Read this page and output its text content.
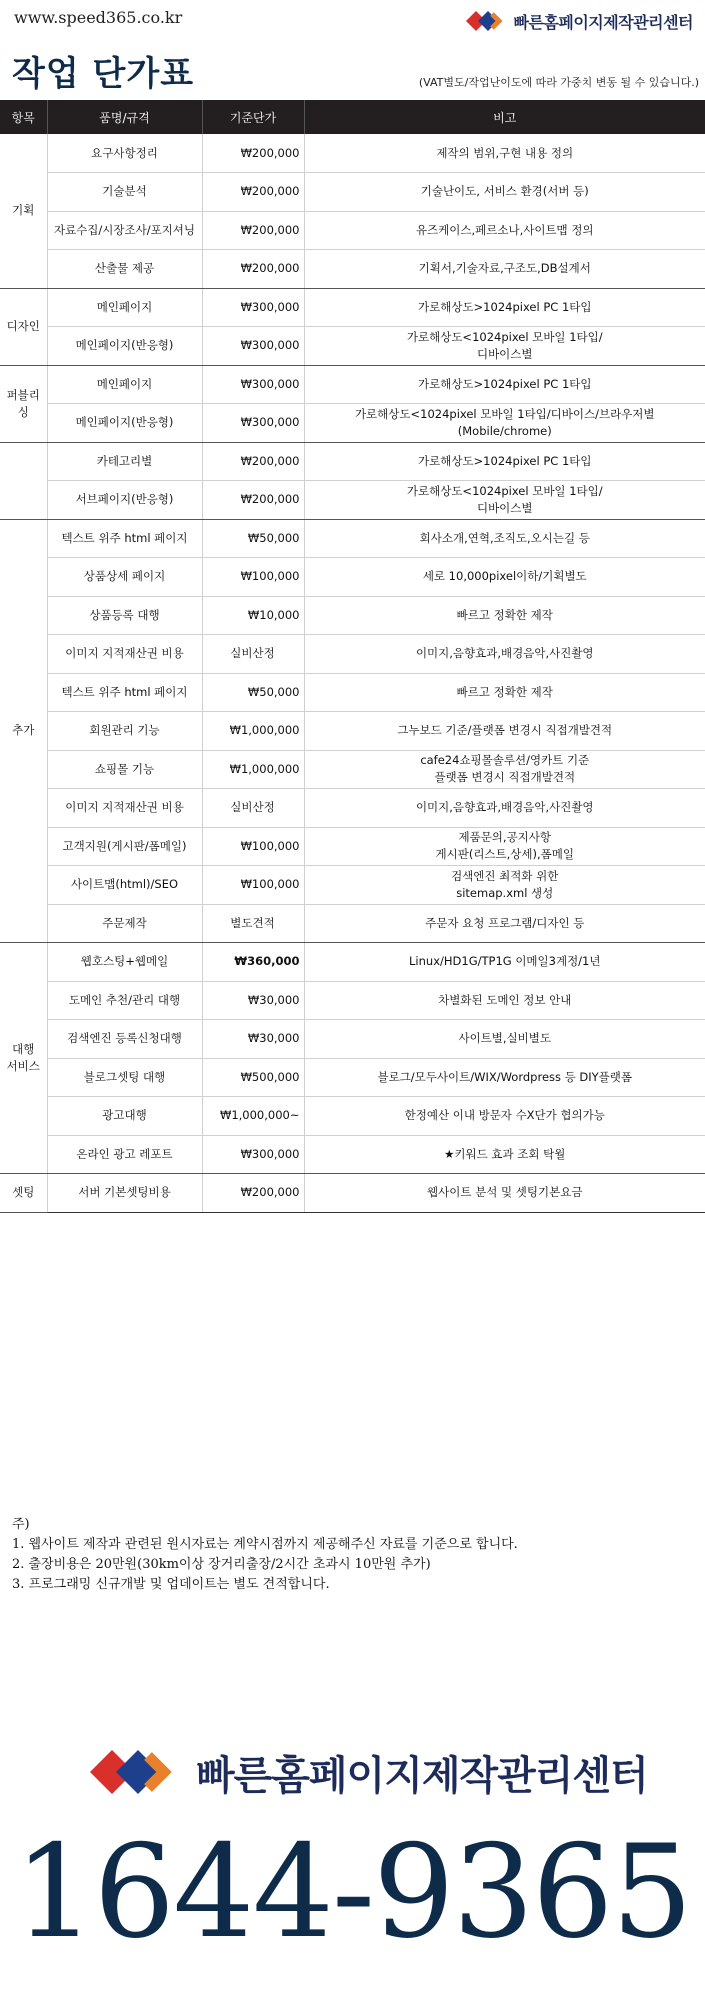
www.speed365.co.kr	빠른홈페이지제작관리센터
작업 단가표	(VAT별도/작업난이도에 따라 가중치 변동 될 수 있습니다.)
항목	품명/규격	기준단가	비고
기획	요구사항정리	₩200,000	제작의 범위,구현 내용 정의

	기술분석	₩200,000	기술난이도, 서비스 환경(서버 등)

	자료수집/시장조사/포지셔닝	₩200,000	유즈케이스,페르소나,사이트맵 정의

	산출물 제공	₩200,000	기획서,기술자료,구조도,DB설계서

디자인	메인페이지	₩300,000	가로해상도>1024pixel PC 1타입

	메인페이지(반응형)	₩300,000	가로해상도<1024pixel 모바일 1타입/
디바이스별

퍼블리싱	메인페이지	₩300,000	가로해상도>1024pixel PC 1타입

	메인페이지(반응형)	₩300,000	가로해상도<1024pixel 모바일 1타입/디바이스/브라우저별
(Mobile/chrome)

	카테고리별	₩200,000	가로해상도>1024pixel PC 1타입

	서브페이지(반응형)	₩200,000	가로해상도<1024pixel 모바일 1타입/
디바이스별

추가	텍스트 위주 html 페이지	₩50,000	회사소개,연혁,조직도,오시는길 등

	상품상세 페이지	₩100,000	세로 10,000pixel이하/기획별도

	상품등록 대행	₩10,000	빠르고 정확한 제작

	이미지 지적재산권 비용	실비산정	이미지,음향효과,배경음악,사진촬영

	텍스트 위주 html 페이지	₩50,000	빠르고 정확한 제작

	회원관리 기능	₩1,000,000	그누보드 기준/플랫폼 변경시 직접개발견적

	쇼핑몰 기능	₩1,000,000	cafe24쇼핑몰솔루션/영카트 기준
플랫폼 변경시 직접개발견적

	이미지 지적재산권 비용	실비산정	이미지,음향효과,배경음악,사진촬영

	고객지원(게시판/폼메일)	₩100,000	제품문의,공지사항
게시판(리스트,상세),폼메일

	사이트맵(html)/SEO	₩100,000	검색엔진 최적화 위한
sitemap.xml 생성

	주문제작	별도견적	주문자 요청 프로그램/디자인 등

대행
서비스	웹호스팅+웹메일	₩360,000	Linux/HD1G/TP1G 이메일3계정/1년

	도메인 추천/관리 대행	₩30,000	차별화된 도메인 정보 안내

	검색엔진 등록신청대행	₩30,000	사이트별,실비별도

	블로그셋팅 대행	₩500,000	블로그/모두사이트/WIX/Wordpress 등 DIY플랫폼

	광고대행	₩1,000,000~	한정예산 이내 방문자 수X단가 협의가능

	온라인 광고 레포트	₩300,000	★키워드 효과 조회 탁월

셋팅	서버 기본셋팅비용	₩200,000	웹사이트 분석 및 셋팅기본요금
주)
1. 웹사이트 제작과 관련된 원시자료는 계약시점까지 제공해주신 자료를 기준으로 합니다.
2. 출장비용은 20만원(30km이상 장거리출장/2시간 초과시 10만원 추가)
3. 프로그래밍 신규개발 및 업데이트는 별도 견적합니다.
빠른홈페이지제작관리센터
1644-9365
